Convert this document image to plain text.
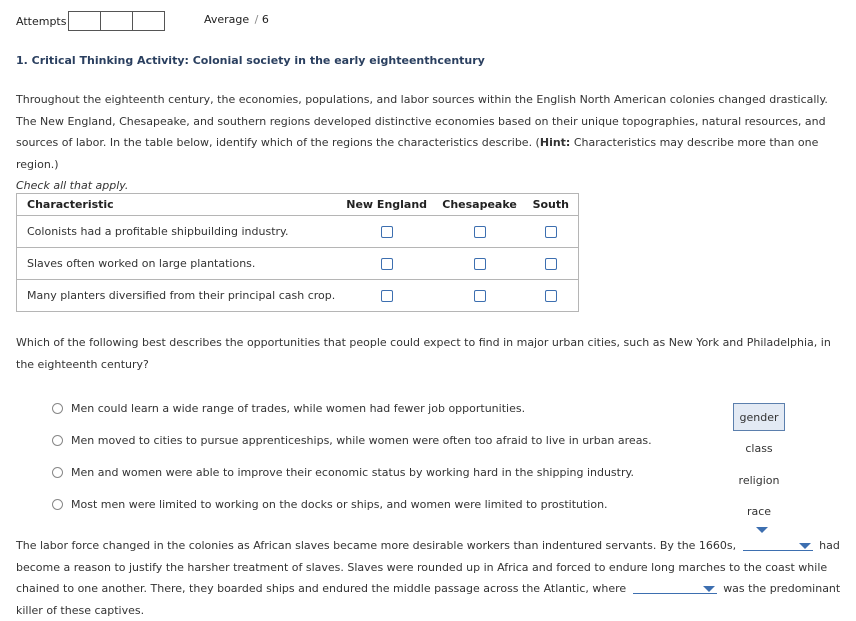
Attempts	Average / 6
1. Critical Thinking Activity: Colonial society in the early eighteenthcentury
Throughout the eighteenth century, the economies, populations, and labor sources within the English North American colonies changed drastically. The New England, Chesapeake, and southern regions developed distinctive economies based on their unique topographies, natural resources, and sources of labor. In the table below, identify which of the regions the characteristics describe. (Hint: Characteristics may describe more than one region.)
Check all that apply.
Characteristic	New England	Chesapeake	South
Colonists had a profitable shipbuilding industry.			
Slaves often worked on large plantations.			
Many planters diversified from their principal cash crop.			
Which of the following best describes the opportunities that people could expect to find in major urban cities, such as New York and Philadelphia, in the eighteenth century?
Men could learn a wide range of trades, while women had fewer job opportunities.
Men moved to cities to pursue apprenticeships, while women were often too afraid to live in urban areas.
Men and women were able to improve their economic status by working hard in the shipping industry.
Most men were limited to working on the docks or ships, and women were limited to prostitution.
gender
class
religion
race
The labor force changed in the colonies as African slaves became more desirable workers than indentured servants. By the 1660s,	had become a reason to justify the harsher treatment of slaves. Slaves were rounded up in Africa and forced to endure long marches to the coast while chained to one another. There, they boarded ships and endured the middle passage across the Atlantic, where	was the predominant killer of these captives.
